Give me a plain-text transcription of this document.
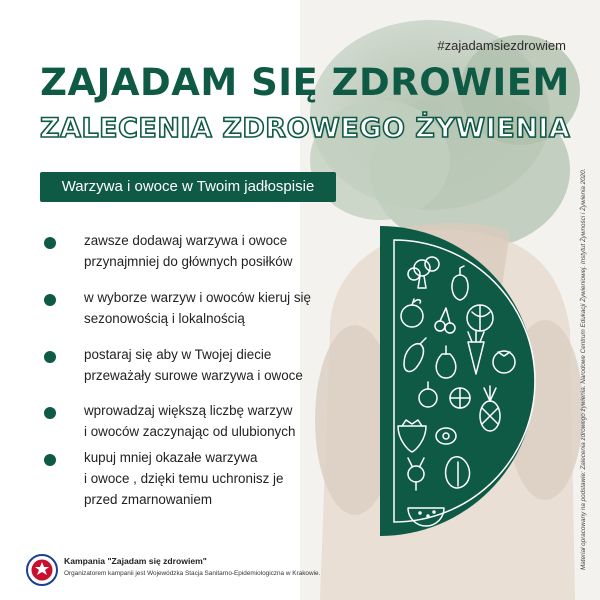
#zajadamsiezdrowiem
ZAJADAM SIĘ ZDROWIEM
ZALECENIA ZDROWEGO ŻYWIENIA
Warzywa i owoce w Twoim jadłospisie
zawsze dodawaj warzywa i owoce
przynajmniej do głównych posiłków
w wyborze warzyw i owoców kieruj się
sezonowością i lokalnością
postaraj się aby w Twojej diecie
przeważały surowe warzywa i owoce
wprowadzaj większą liczbę warzyw
i owoców zaczynając od ulubionych
kupuj mniej okazałe warzywa
i owoce , dzięki temu uchronisz je
przed zmarnowaniem	Materiał opracowany na podstawie: Zalecenia zdrowego żywienia. Narodowe Centrum Edukacji Żywieniowej. Instytut Żywności i Żywienia 2020.
Kampania "Zajadam się zdrowiem"
Organizatorem kampanii jest Wojewódzka Stacja Sanitarno-Epidemiologiczna w Krakowie.
